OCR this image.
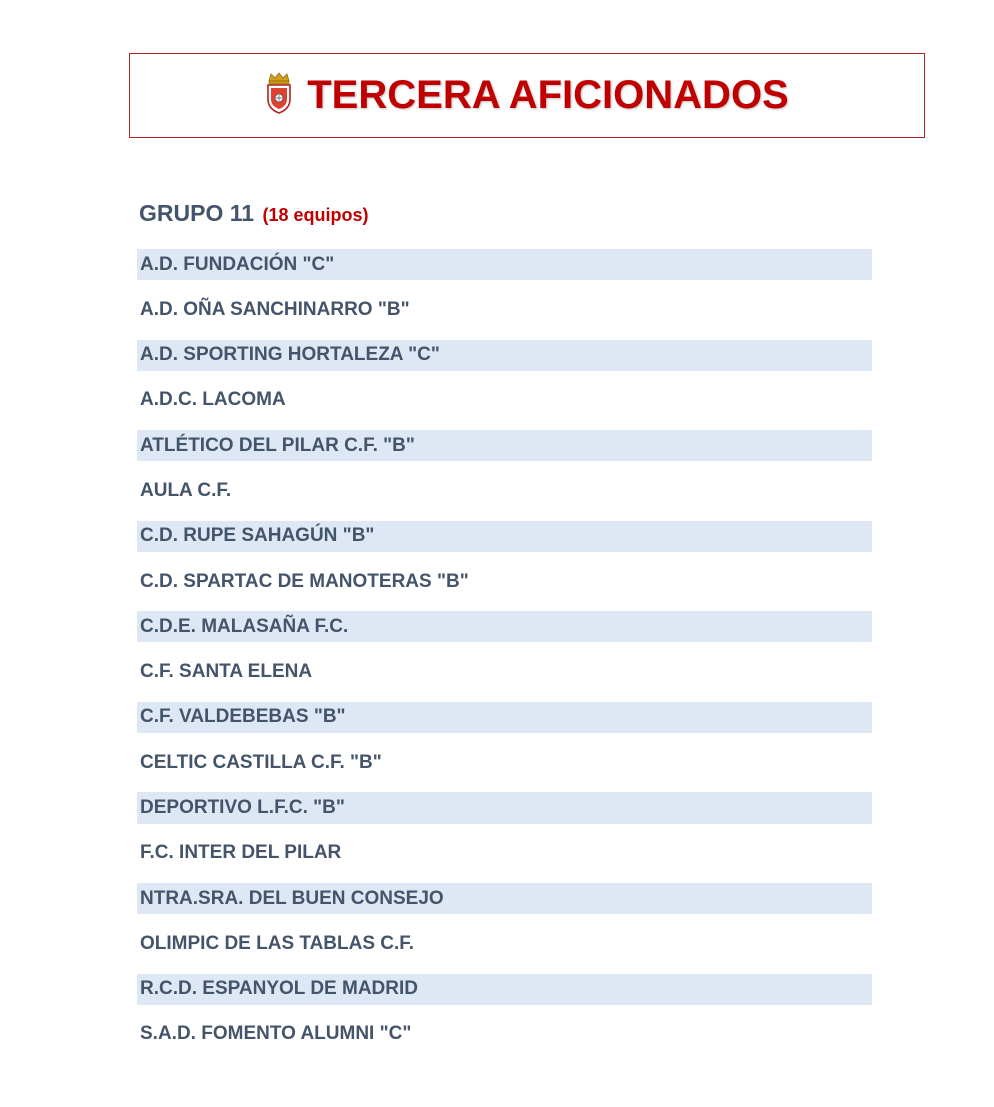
TERCERA AFICIONADOS
GRUPO 11 (18 equipos)
A.D. FUNDACIÓN "C"
A.D. OÑA SANCHINARRO "B"
A.D. SPORTING HORTALEZA "C"
A.D.C. LACOMA
ATLÉTICO DEL PILAR C.F. "B"
AULA C.F.
C.D. RUPE SAHAGÚN "B"
C.D. SPARTAC DE MANOTERAS "B"
C.D.E. MALASAÑA F.C.
C.F. SANTA ELENA
C.F. VALDEBEBAS "B"
CELTIC CASTILLA C.F. "B"
DEPORTIVO L.F.C. "B"
F.C. INTER DEL PILAR
NTRA.SRA. DEL BUEN CONSEJO
OLIMPIC DE LAS TABLAS C.F.
R.C.D. ESPANYOL DE MADRID
S.A.D. FOMENTO ALUMNI "C"
